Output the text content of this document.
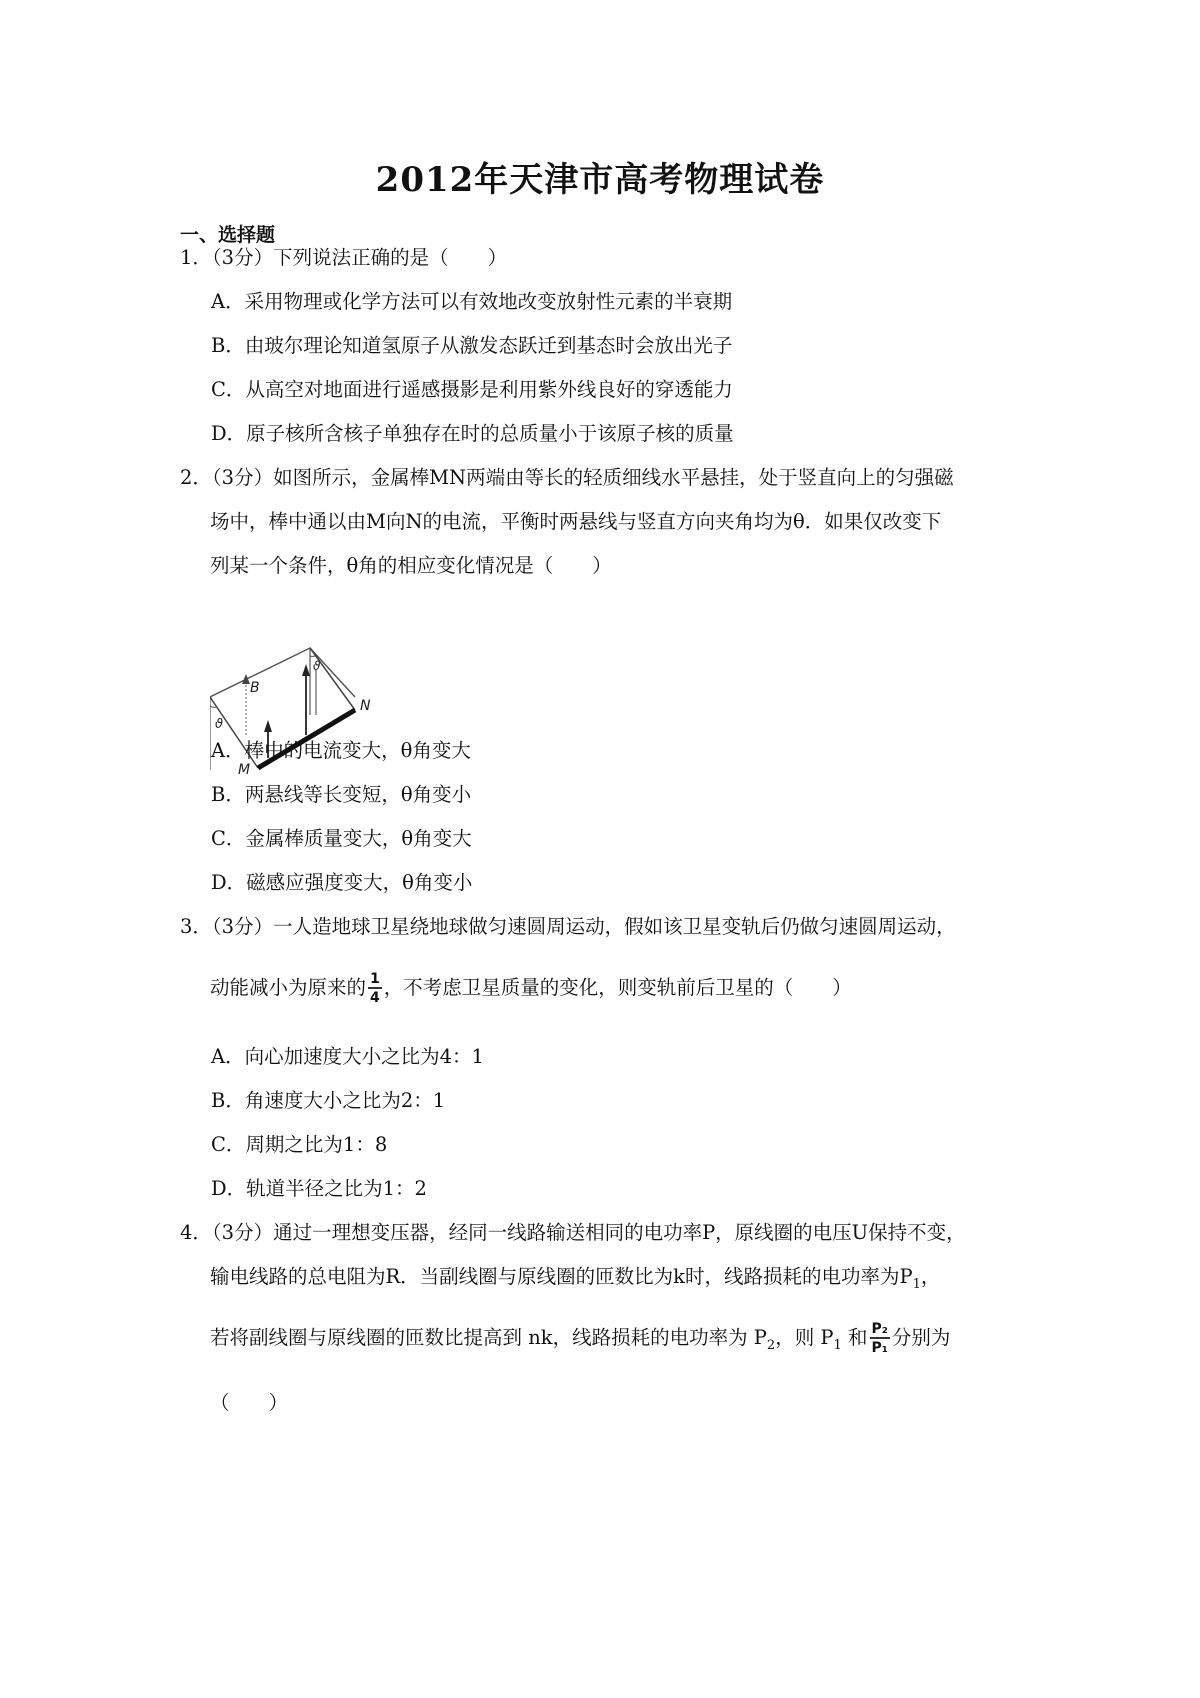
2012年天津市高考物理试卷
一、选择题
1．（3分）下列说法正确的是（　　）
A．采用物理或化学方法可以有效地改变放射性元素的半衰期
B．由玻尔理论知道氢原子从激发态跃迁到基态时会放出光子
C．从高空对地面进行遥感摄影是利用紫外线良好的穿透能力
D．原子核所含核子单独存在时的总质量小于该原子核的质量
2．（3分）如图所示，金属棒MN两端由等长的轻质细线水平悬挂，处于竖直向上的匀强磁
场中，棒中通以由M向N的电流，平衡时两悬线与竖直方向夹角均为θ．如果仅改变下
列某一个条件，θ角的相应变化情况是（　　）
B
N
M
ϑ
ϑ
A．棒中的电流变大，θ角变大
B．两悬线等长变短，θ角变小
C．金属棒质量变大，θ角变大
D．磁感应强度变大，θ角变小
3．（3分）一人造地球卫星绕地球做匀速圆周运动，假如该卫星变轨后仍做匀速圆周运动，
动能减小为原来的 $\frac{1}{4}$ ，不考虑卫星质量的变化，则变轨前后卫星的（　　）
A．向心加速度大小之比为4：1
B．角速度大小之比为2：1
C．周期之比为1：8
D．轨道半径之比为1：2
4．（3分）通过一理想变压器，经同一线路输送相同的电功率P，原线圈的电压U保持不变，
输电线路的总电阻为R．当副线圈与原线圈的匝数比为k时，线路损耗的电功率为$P_1$，
若将副线圈与原线圈的匝数比提高到 nk，线路损耗的电功率为 $P_2$，则 $P_1$ 和 $\frac{\text{P₂}}{\text{P₁}}$ 分别为
（　　）
